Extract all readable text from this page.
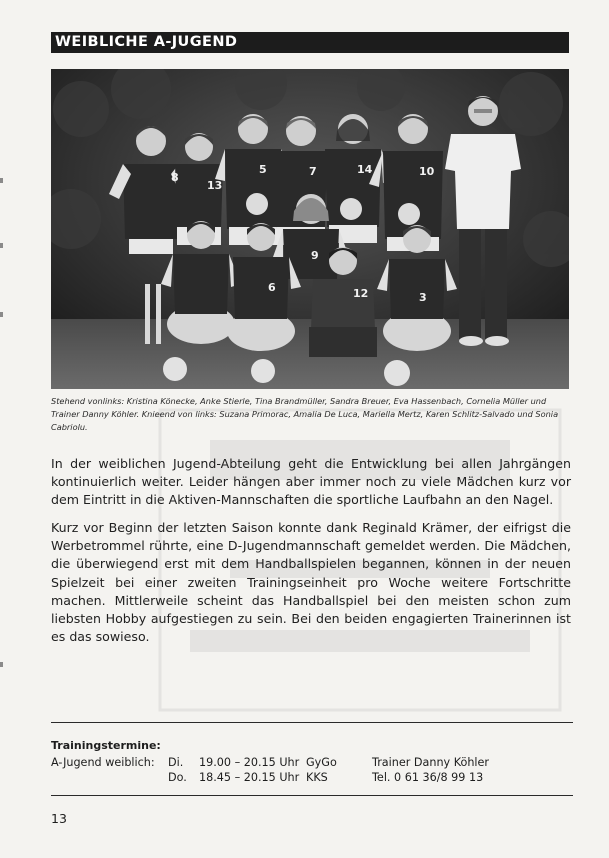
WEIBLICHE A-JUGEND
8
13
5	7	14	10
9
6	12	3
Stehend vonlinks: Kristina Könecke, Anke Stierle, Tina Brandmüller, Sandra Breuer, Eva Hassenbach, Cornelia Müller und Trainer Danny Köhler. Knieend von links: Suzana Primorac, Amalia De Luca, Mariella Mertz, Karen Schlitz-Salvado und Sonia Cabriolu.

In der weiblichen Jugend-Abteilung geht die Entwicklung bei allen Jahrgängen kontinuierlich weiter. Leider hängen aber immer noch zu viele Mädchen kurz vor dem Eintritt in die Aktiven-Mannschaften die sportliche Laufbahn an den Nagel.

Kurz vor Beginn der letzten Saison konnte dank Reginald Krämer, der eifrigst die Werbetrommel rührte, eine D-Jugendmannschaft gemeldet werden. Die Mädchen, die überwiegend erst mit dem Handballspielen begannen, können in der neuen Spielzeit bei einer zweiten Trainingseinheit pro Woche weitere Fortschritte machen. Mittlerweile scheint das Handballspiel bei den meisten schon zum liebsten Hobby aufgestiegen zu sein. Bei den beiden engagierten Trainerinnen ist es das sowieso.

Trainingstermine:
A-Jugend weiblich: Di. 19.00 – 20.15 Uhr GyGo	Trainer Danny Köhler
Do. 18.45 – 20.15 Uhr KKS	Tel. 0 61 36/8 99 13
13
